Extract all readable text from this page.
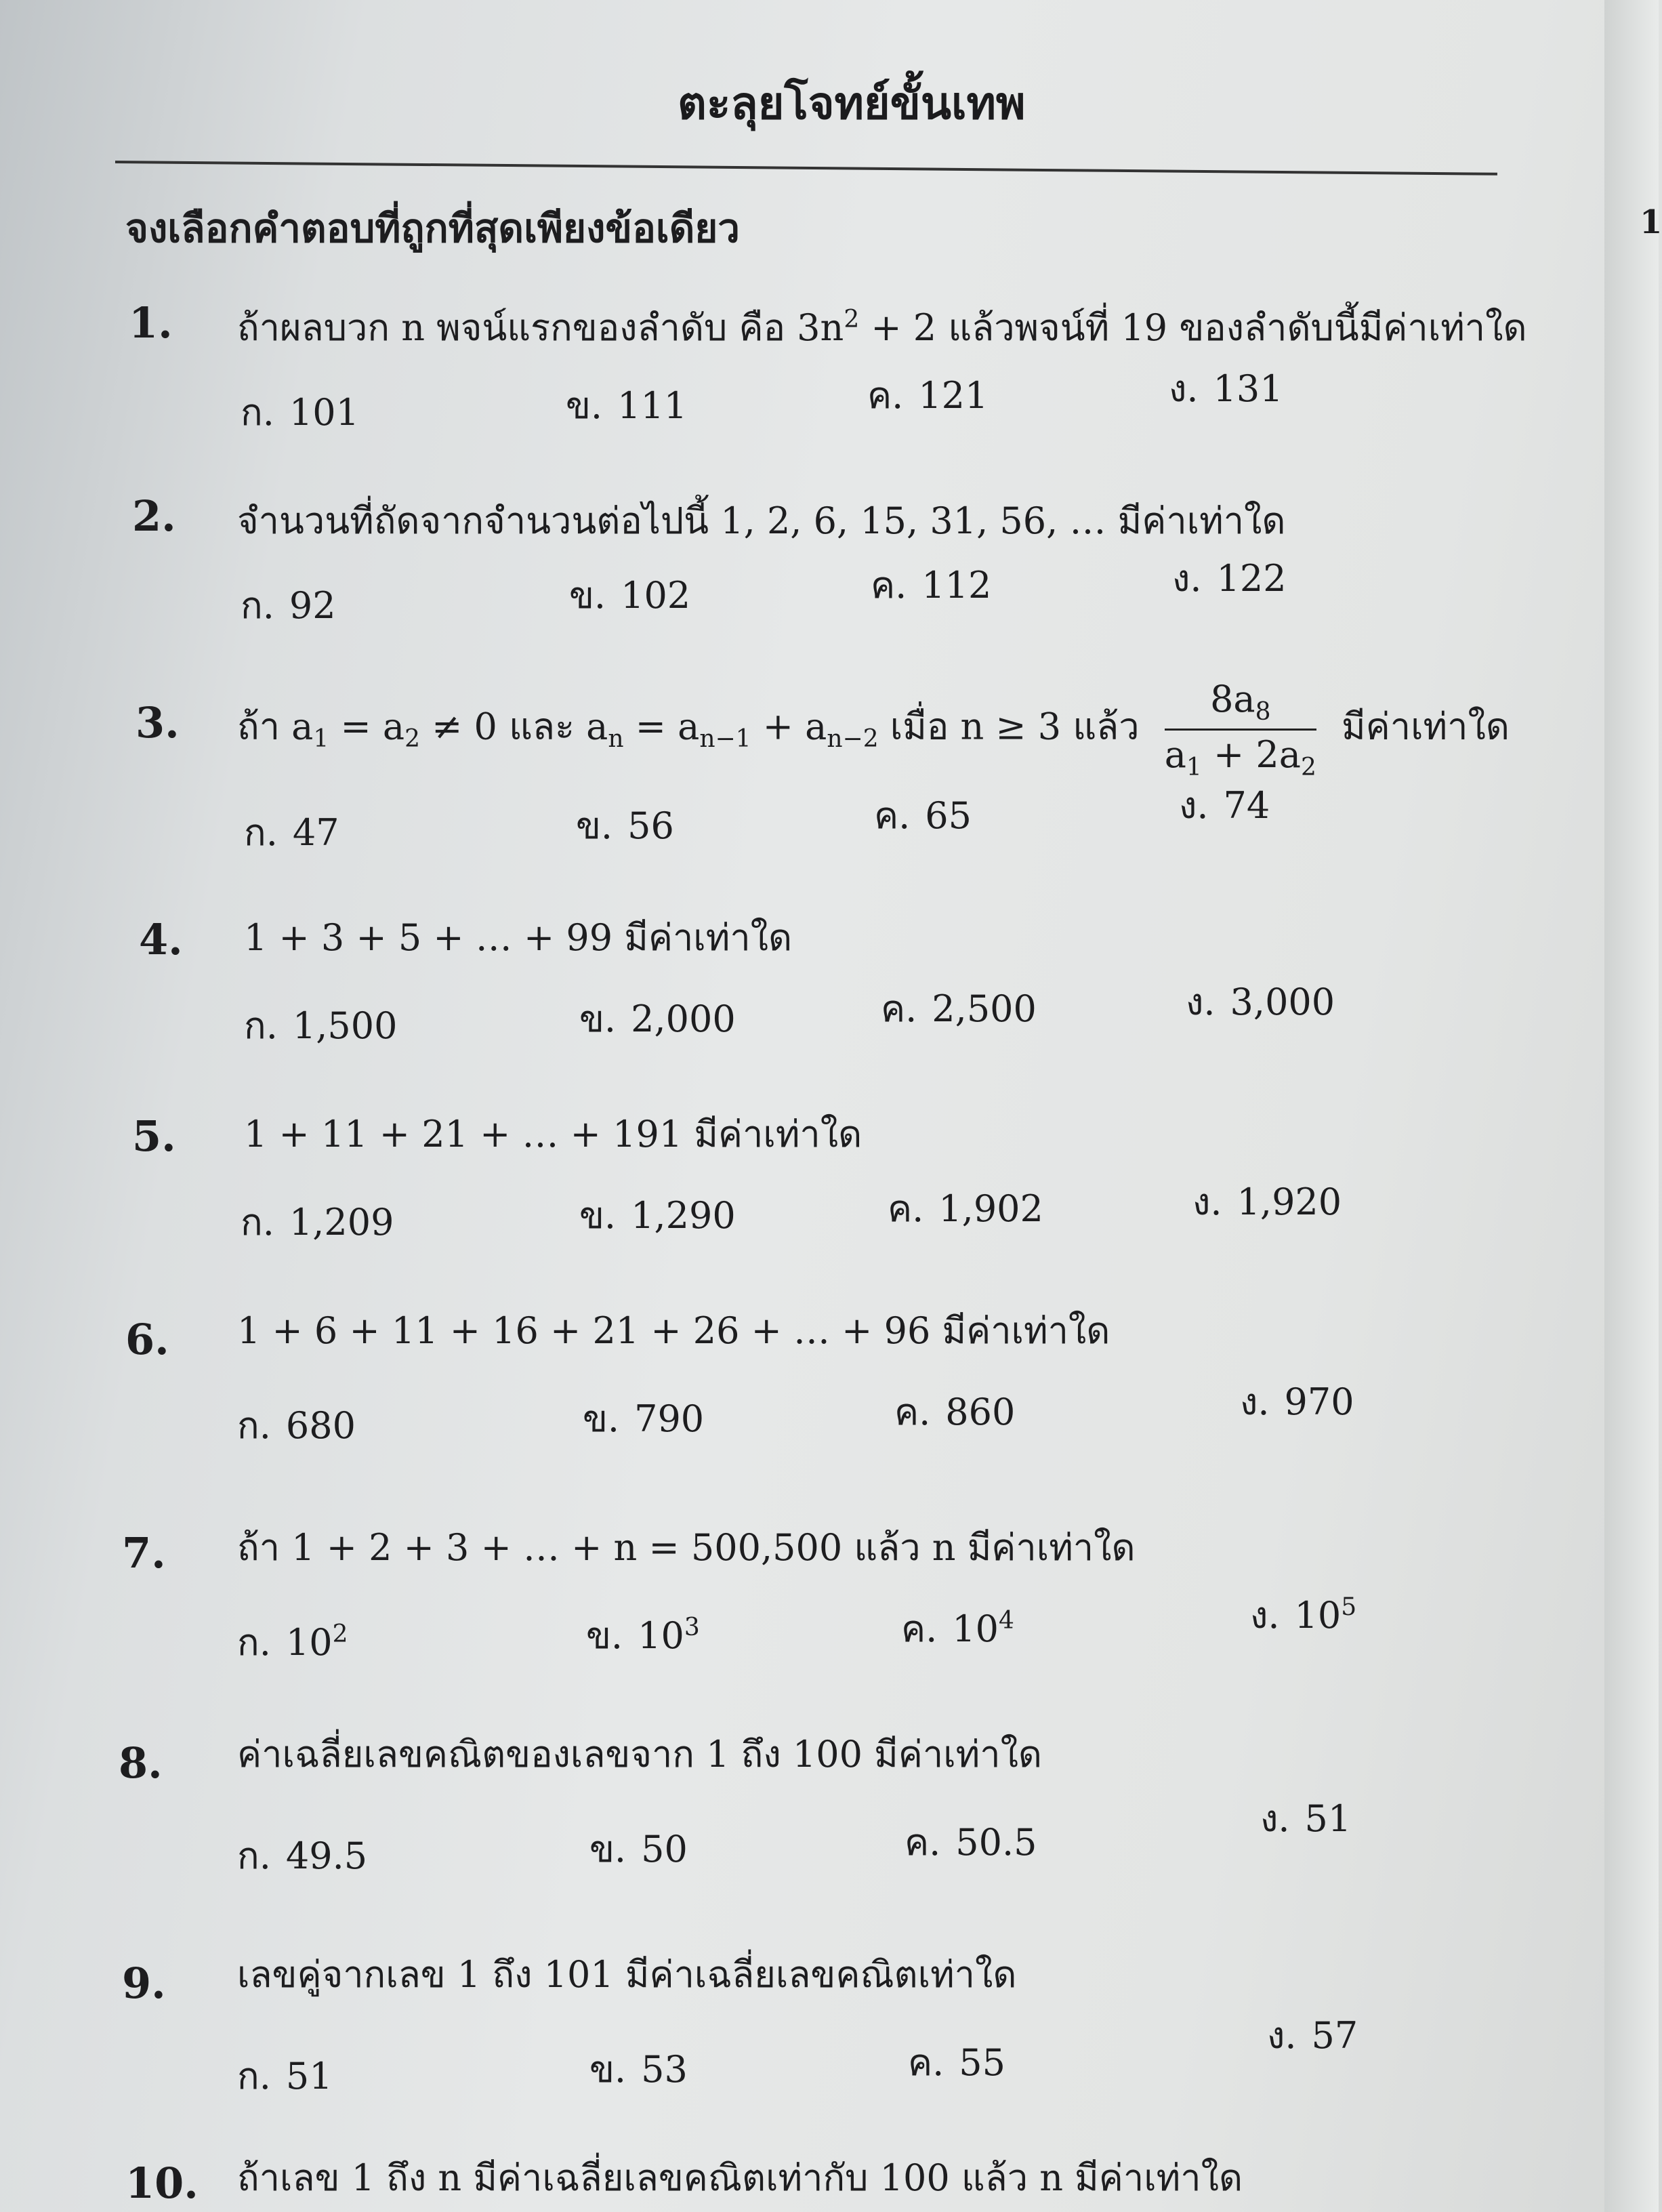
ตะลุยโจทย์ขั้นเทพ
1
จงเลือกคำตอบที่ถูกที่สุดเพียงข้อเดียว
1. ถ้าผลบวก n พจน์แรกของลำดับ คือ $3n^2 + 2$ แล้วพจน์ที่ 19 ของลำดับนี้มีค่าเท่าใด
ก. 101	ข. 111	ค. 121	ง. 131
2. จำนวนที่ถัดจากจำนวนต่อไปนี้ 1, 2, 6, 15, 31, 56, … มีค่าเท่าใด
ก. 92	ข. 102	ค. 112	ง. 122
3. ถ้า $a_1 = a_2 \ne 0$ และ $a_n = a_{n-1} + a_{n-2}$ เมื่อ n ≥ 3 แล้ว $\frac{8a_8}{a_1 + 2a_2}$ มีค่าเท่าใด
ก. 47	ข. 56	ค. 65	ง. 74
4. 1 + 3 + 5 + … + 99 มีค่าเท่าใด
ก. 1,500	ข. 2,000	ค. 2,500	ง. 3,000
5. 1 + 11 + 21 + … + 191 มีค่าเท่าใด
ก. 1,209	ข. 1,290	ค. 1,902	ง. 1,920
6. 1 + 6 + 11 + 16 + 21 + 26 + … + 96 มีค่าเท่าใด
ก. 680	ข. 790	ค. 860	ง. 970
7. ถ้า 1 + 2 + 3 + … + n = 500,500 แล้ว n มีค่าเท่าใด
ก. $10^2$	ข. $10^3$	ค. $10^4$	ง. $10^5$
8. ค่าเฉลี่ยเลขคณิตของเลขจาก 1 ถึง 100 มีค่าเท่าใด
ก. 49.5	ข. 50	ค. 50.5
ง. 51
9. เลขคู่จากเลข 1 ถึง 101 มีค่าเฉลี่ยเลขคณิตเท่าใด
ก. 51	ข. 53	ค. 55
ง. 57
10. ถ้าเลข 1 ถึง n มีค่าเฉลี่ยเลขคณิตเท่ากับ 100 แล้ว n มีค่าเท่าใด
